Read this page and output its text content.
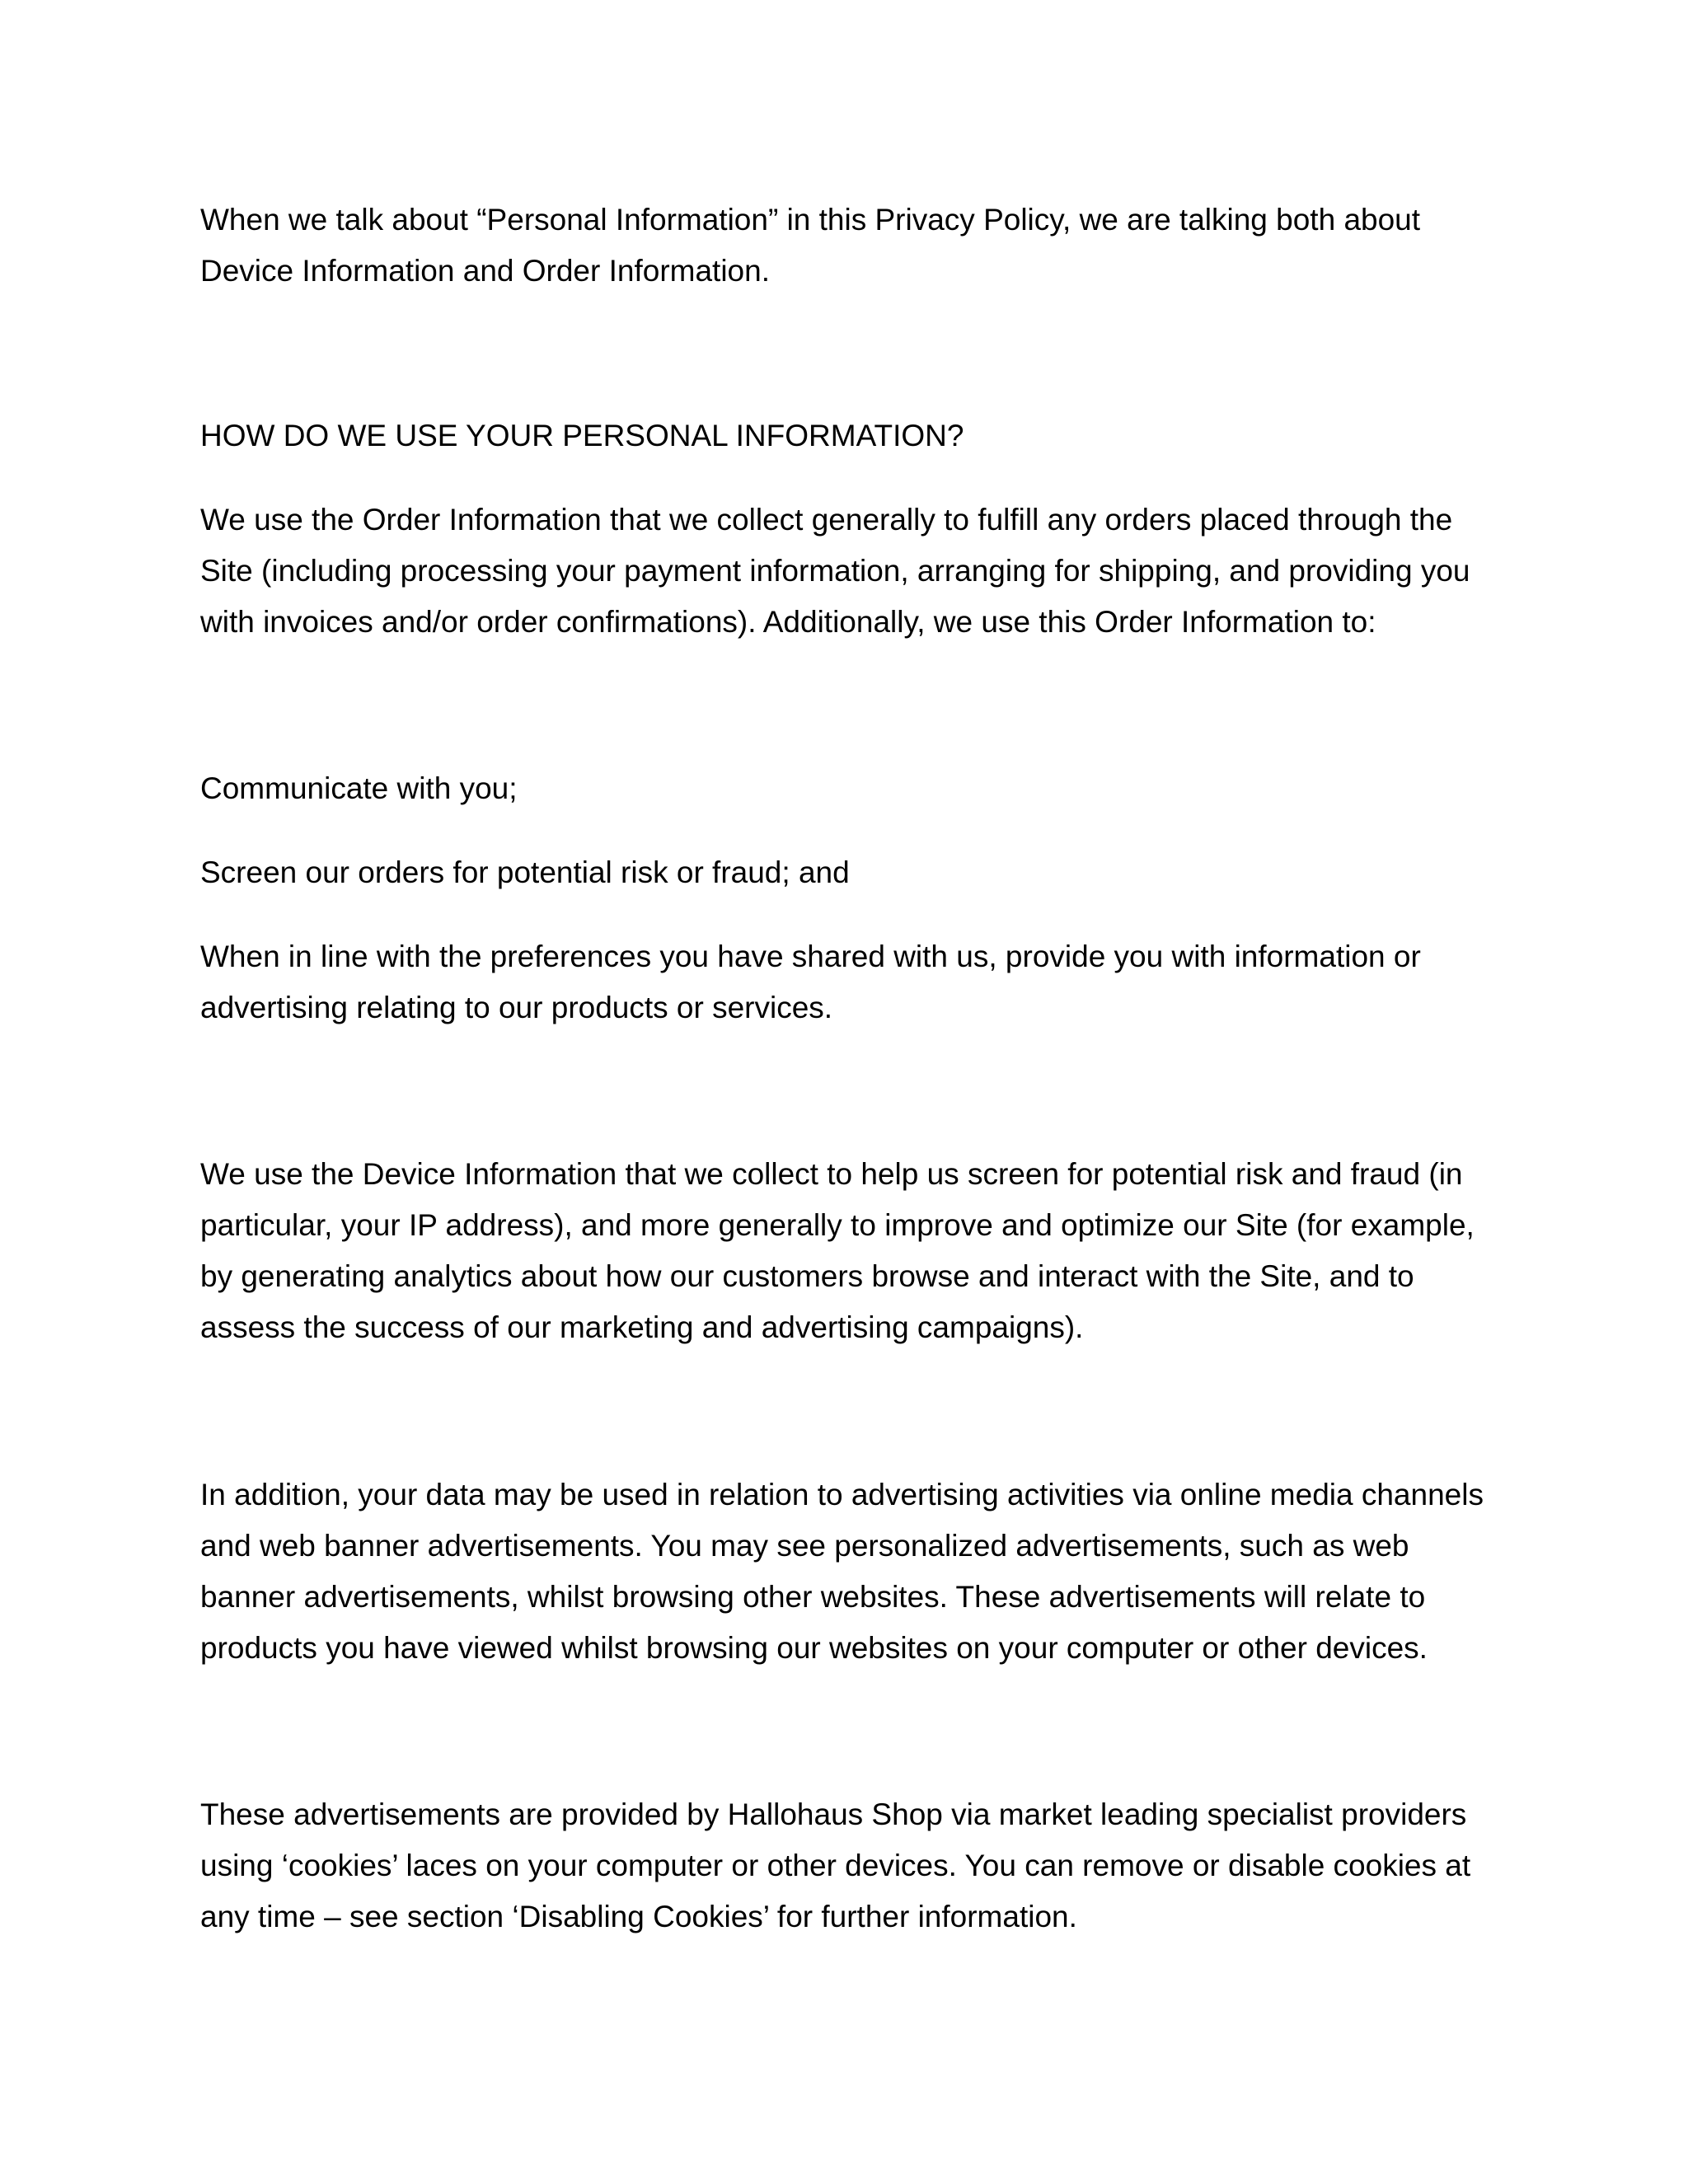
When we talk about “Personal Information” in this Privacy Policy, we are talking both about Device Information and Order Information.

HOW DO WE USE YOUR PERSONAL INFORMATION?

We use the Order Information that we collect generally to fulfill any orders placed through the Site (including processing your payment information, arranging for shipping, and providing you with invoices and/or order confirmations). Additionally, we use this Order Information to:

Communicate with you;

Screen our orders for potential risk or fraud; and

When in line with the preferences you have shared with us, provide you with information or advertising relating to our products or services.

We use the Device Information that we collect to help us screen for potential risk and fraud (in particular, your IP address), and more generally to improve and optimize our Site (for example, by generating analytics about how our customers browse and interact with the Site, and to assess the success of our marketing and advertising campaigns).

In addition, your data may be used in relation to advertising activities via online media channels and web banner advertisements. You may see personalized advertisements, such as web banner advertisements, whilst browsing other websites. These advertisements will relate to products you have viewed whilst browsing our websites on your computer or other devices.

These advertisements are provided by Hallohaus Shop via market leading specialist providers using ‘cookies’ laces on your computer or other devices. You can remove or disable cookies at any time – see section ‘Disabling Cookies’ for further information.
